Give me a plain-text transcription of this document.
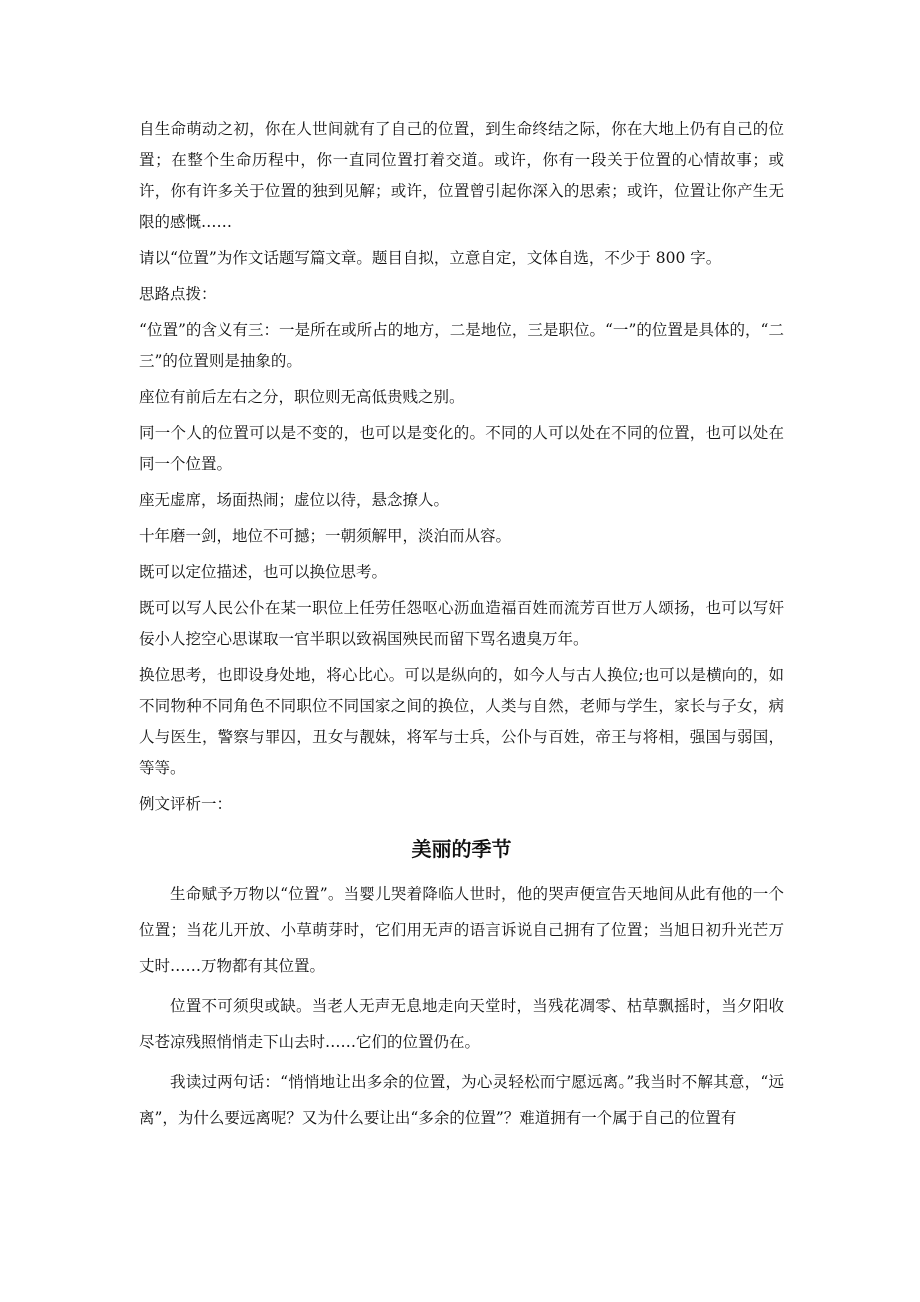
自生命萌动之初，你在人世间就有了自己的位置，到生命终结之际，你在大地上仍有自己的位置；在整个生命历程中，你一直同位置打着交道。或许，你有一段关于位置的心情故事；或许，你有许多关于位置的独到见解；或许，位置曾引起你深入的思索；或许，位置让你产生无限的感慨……

请以“位置”为作文话题写篇文章。题目自拟，立意自定，文体自选，不少于 800 字。

思路点拨：

“位置”的含义有三：一是所在或所占的地方，二是地位，三是职位。“一”的位置是具体的，“二三”的位置则是抽象的。

座位有前后左右之分，职位则无高低贵贱之别。

同一个人的位置可以是不变的，也可以是变化的。不同的人可以处在不同的位置，也可以处在同一个位置。

座无虚席，场面热闹；虚位以待，悬念撩人。

十年磨一剑，地位不可撼；一朝须解甲，淡泊而从容。

既可以定位描述，也可以换位思考。

既可以写人民公仆在某一职位上任劳任怨呕心沥血造福百姓而流芳百世万人颂扬，也可以写奸佞小人挖空心思谋取一官半职以致祸国殃民而留下骂名遗臭万年。

换位思考，也即设身处地，将心比心。可以是纵向的，如今人与古人换位;也可以是横向的，如不同物种不同角色不同职位不同国家之间的换位，人类与自然，老师与学生，家长与子女，病人与医生，警察与罪囚，丑女与靓妹，将军与士兵，公仆与百姓，帝王与将相，强国与弱国，等等。

例文评析一：

美丽的季节

生命赋予万物以“位置”。当婴儿哭着降临人世时，他的哭声便宣告天地间从此有他的一个位置；当花儿开放、小草萌芽时，它们用无声的语言诉说自己拥有了位置；当旭日初升光芒万丈时……万物都有其位置。

位置不可须臾或缺。当老人无声无息地走向天堂时，当残花凋零、枯草飘摇时，当夕阳收尽苍凉残照悄悄走下山去时……它们的位置仍在。

我读过两句话：“悄悄地让出多余的位置，为心灵轻松而宁愿远离。”我当时不解其意，“远离”，为什么要远离呢？又为什么要让出“多余的位置”？难道拥有一个属于自己的位置有
